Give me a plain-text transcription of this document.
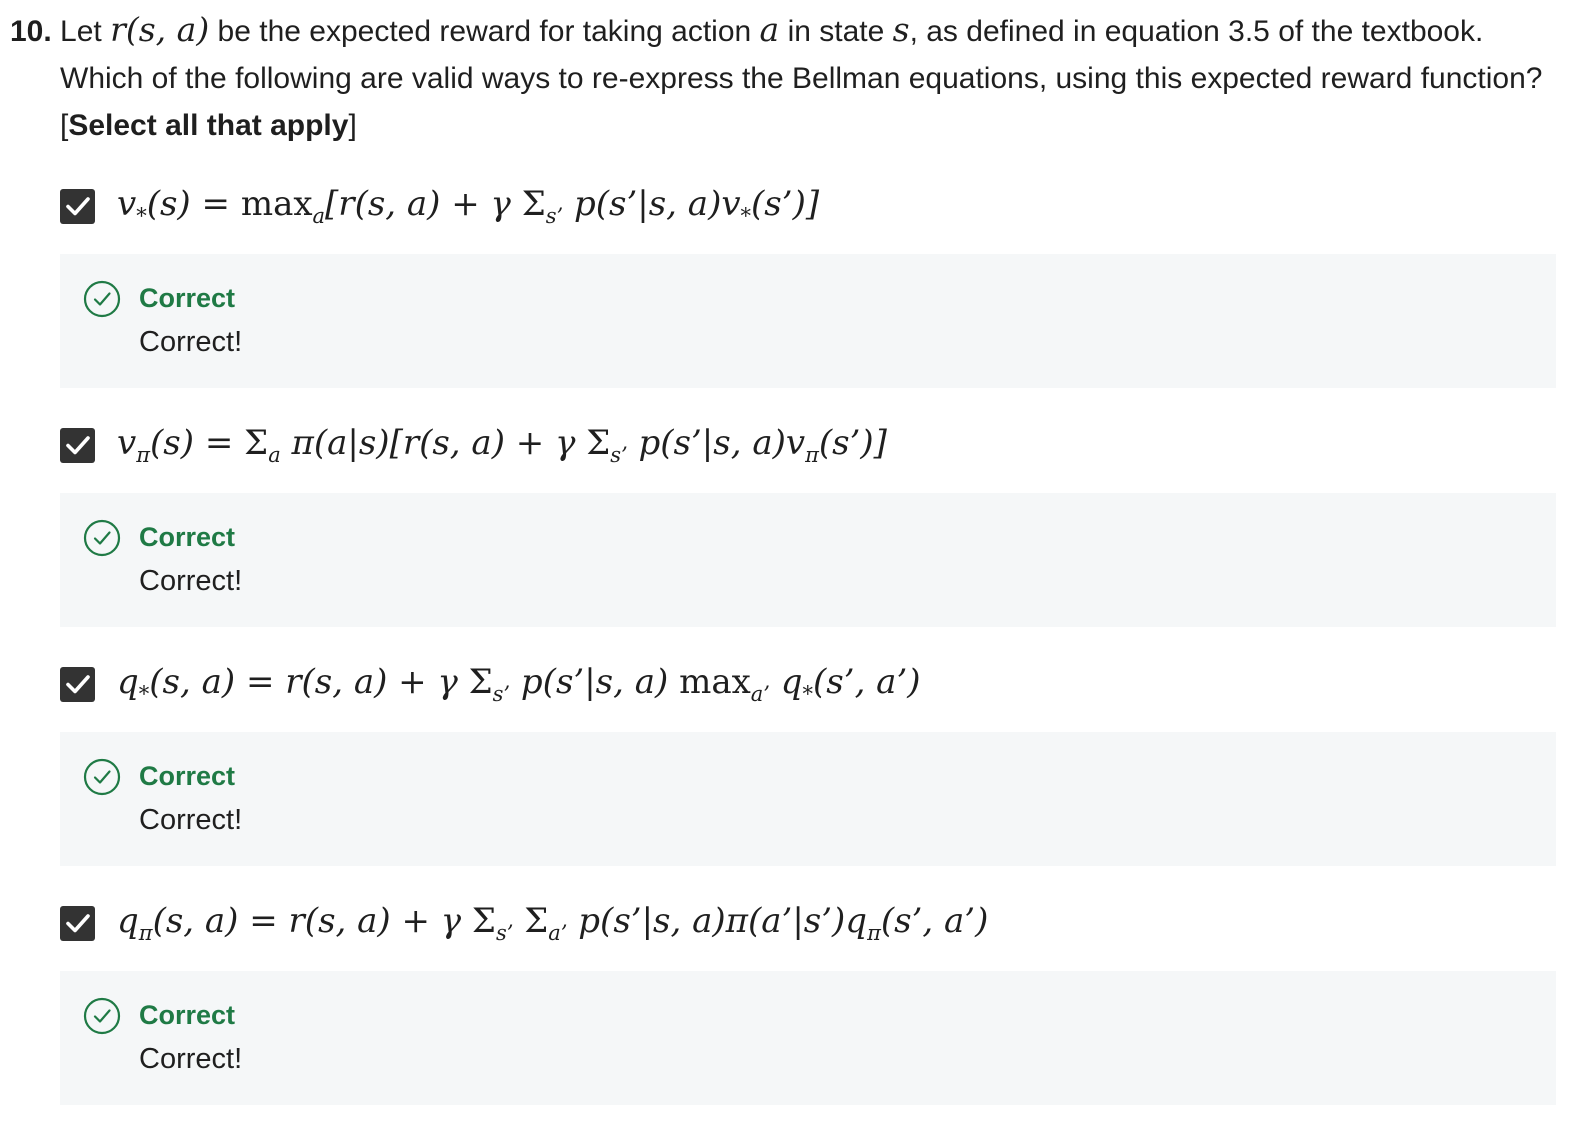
10. Let r(s, a) be the expected reward for taking action a in state s, as defined in equation 3.5 of the textbook.
Which of the following are valid ways to re-express the Bellman equations, using this expected reward function?
[Select all that apply]
$v_*(s) = \max_a[r(s$, a) + γ $\Sigma_{s’}$ p(s’|s, $a)v_*(s’)$]
Correct
Correct!
$v_\pi(s) = \Sigma_a$ π(a|s)[r(s, a) + γ $\Sigma_{s’}$ p(s’|s, $a)v_\pi(s’)$]
Correct
Correct!
$q_*(s$, a) = r(s, a) + γ $\Sigma_{s’}$ p(s’|s, a) $\max_{a’} q_*(s$’, a’)
Correct
Correct!
$q_\pi(s$, a) = r(s, a) + γ $\Sigma_{s’}$ $\Sigma_{a’}$ p(s’|s, $a)\pi(a’|s’)q_\pi(s$’, a’)
Correct
Correct!
